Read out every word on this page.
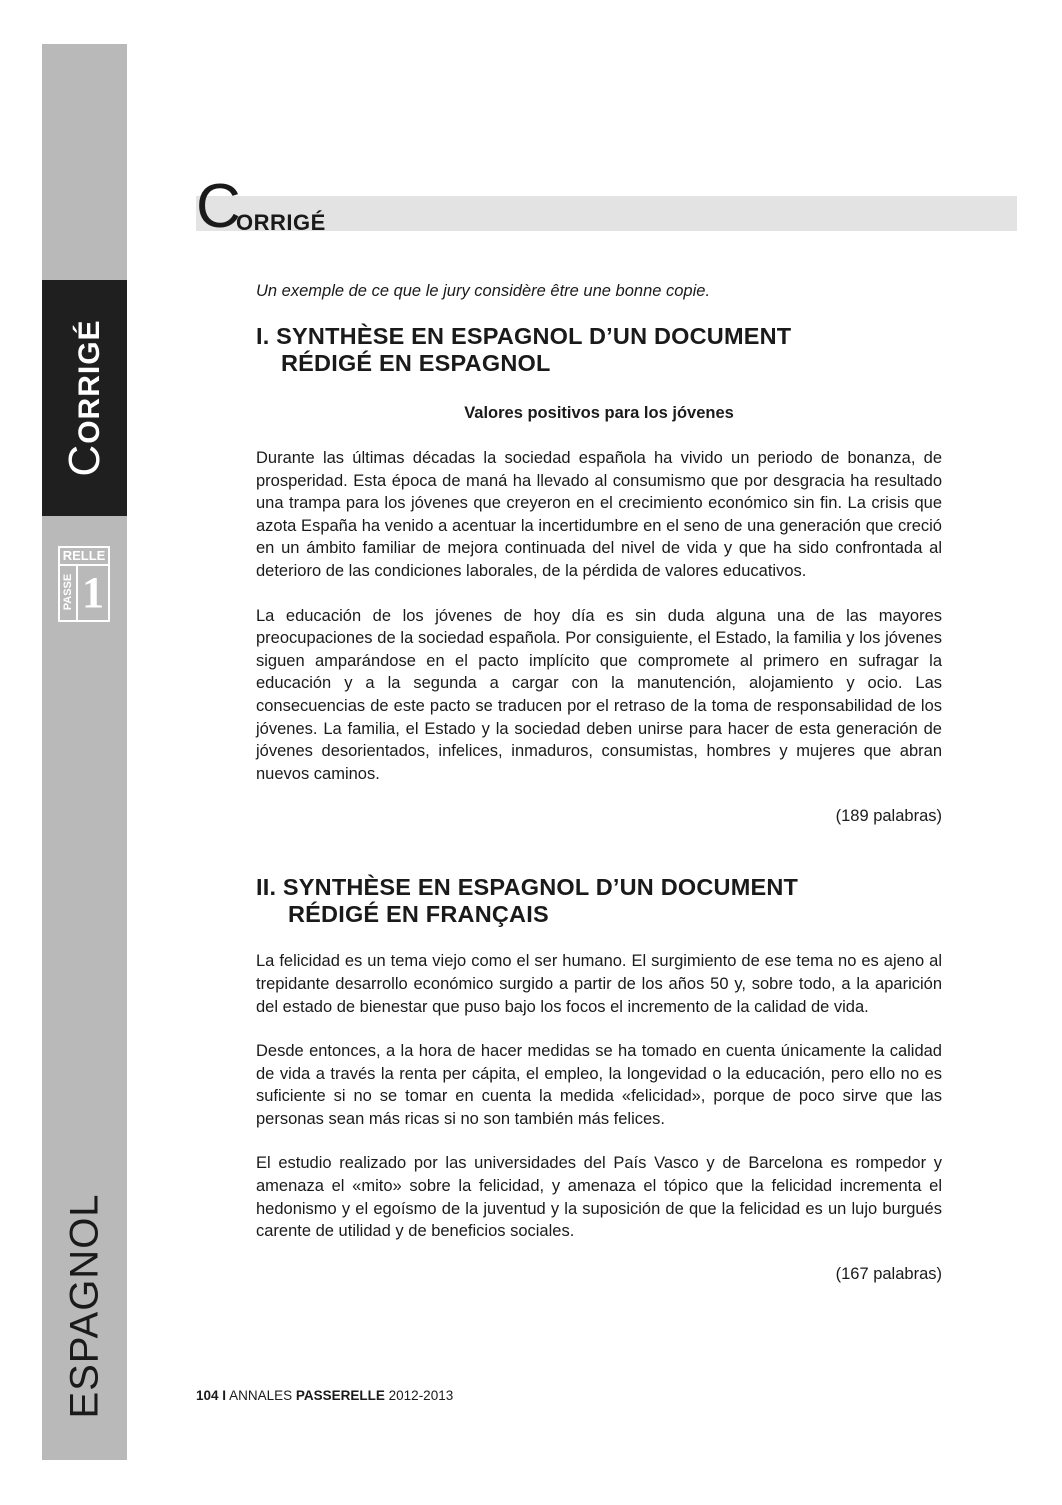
CORRIGÉ
RELLE
PASSE 1
ESPAGNOL
C
ORRIGÉ

Un exemple de ce que le jury considère être une bonne copie.

I. SYNTHÈSE EN ESPAGNOL D’UN DOCUMENT
RÉDIGÉ EN ESPAGNOL

Valores positivos para los jóvenes

Durante las últimas décadas la sociedad española ha vivido un periodo de bonanza, de prosperidad. Esta época de maná ha llevado al consumismo que por desgracia ha resultado una trampa para los jóvenes que creyeron en el crecimiento económico sin fin. La crisis que azota España ha venido a acentuar la incertidumbre en el seno de una generación que creció en un ámbito familiar de mejora continuada del nivel de vida y que ha sido confrontada al deterioro de las condiciones laborales, de la pérdida de valores educativos.

La educación de los jóvenes de hoy día es sin duda alguna una de las mayores preocupaciones de la sociedad española. Por consiguiente, el Estado, la familia y los jóvenes siguen amparándose en el pacto implícito que compromete al primero en sufragar la educación y a la segunda a cargar con la manutención, alojamiento y ocio. Las consecuencias de este pacto se traducen por el retraso de la toma de responsabilidad de los jóvenes. La familia, el Estado y la sociedad deben unirse para hacer de esta generación de jóvenes desorientados, infelices, inmaduros, consumistas, hombres y mujeres que abran nuevos caminos.

(189 palabras)

II. SYNTHÈSE EN ESPAGNOL D’UN DOCUMENT
RÉDIGÉ EN FRANÇAIS

La felicidad es un tema viejo como el ser humano. El surgimiento de ese tema no es ajeno al trepidante desarrollo económico surgido a partir de los años 50 y, sobre todo, a la aparición del estado de bienestar que puso bajo los focos el incremento de la calidad de vida.

Desde entonces, a la hora de hacer medidas se ha tomado en cuenta únicamente la calidad de vida a través la renta per cápita, el empleo, la longevidad o la educación, pero ello no es suficiente si no se tomar en cuenta la medida «felicidad», porque de poco sirve que las personas sean más ricas si no son también más felices.

El estudio realizado por las universidades del País Vasco y de Barcelona es rompedor y amenaza el «mito» sobre la felicidad, y amenaza el tópico que la felicidad incrementa el hedonismo y el egoísmo de la juventud y la suposición de que la felicidad es un lujo burgués carente de utilidad y de beneficios sociales.

(167 palabras)

104 I ANNALES PASSERELLE 2012-2013
